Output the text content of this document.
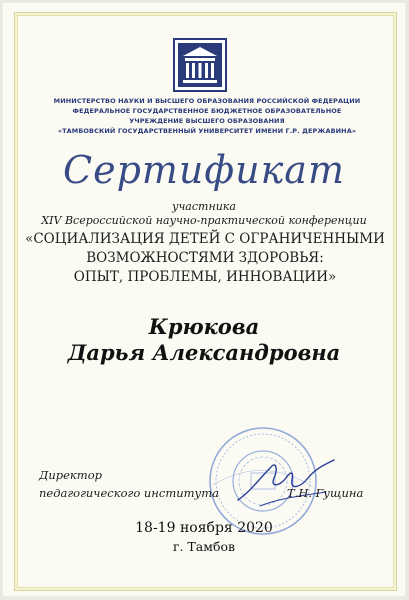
МИНИСТЕРСТВО НАУКИ И ВЫСШЕГО ОБРАЗОВАНИЯ РОССИЙСКОЙ ФЕДЕРАЦИИ
ФЕДЕРАЛЬНОЕ ГОСУДАРСТВЕННОЕ БЮДЖЕТНОЕ ОБРАЗОВАТЕЛЬНОЕ
УЧРЕЖДЕНИЕ ВЫСШЕГО ОБРАЗОВАНИЯ
«ТАМБОВСКИЙ ГОСУДАРСТВЕННЫЙ УНИВЕРСИТЕТ ИМЕНИ Г.Р. ДЕРЖАВИНА»
Сертификат
участника
XIV Всероссийской научно-практической конференции
«СОЦИАЛИЗАЦИЯ ДЕТЕЙ С ОГРАНИЧЕННЫМИ
ВОЗМОЖНОСТЯМИ ЗДОРОВЬЯ:
ОПЫТ, ПРОБЛЕМЫ, ИННОВАЦИИ»
Крюкова
Дарья Александровна
Директор
педагогического института	Т.Н. Гущина
18-19 ноября 2020
г. Тамбов
